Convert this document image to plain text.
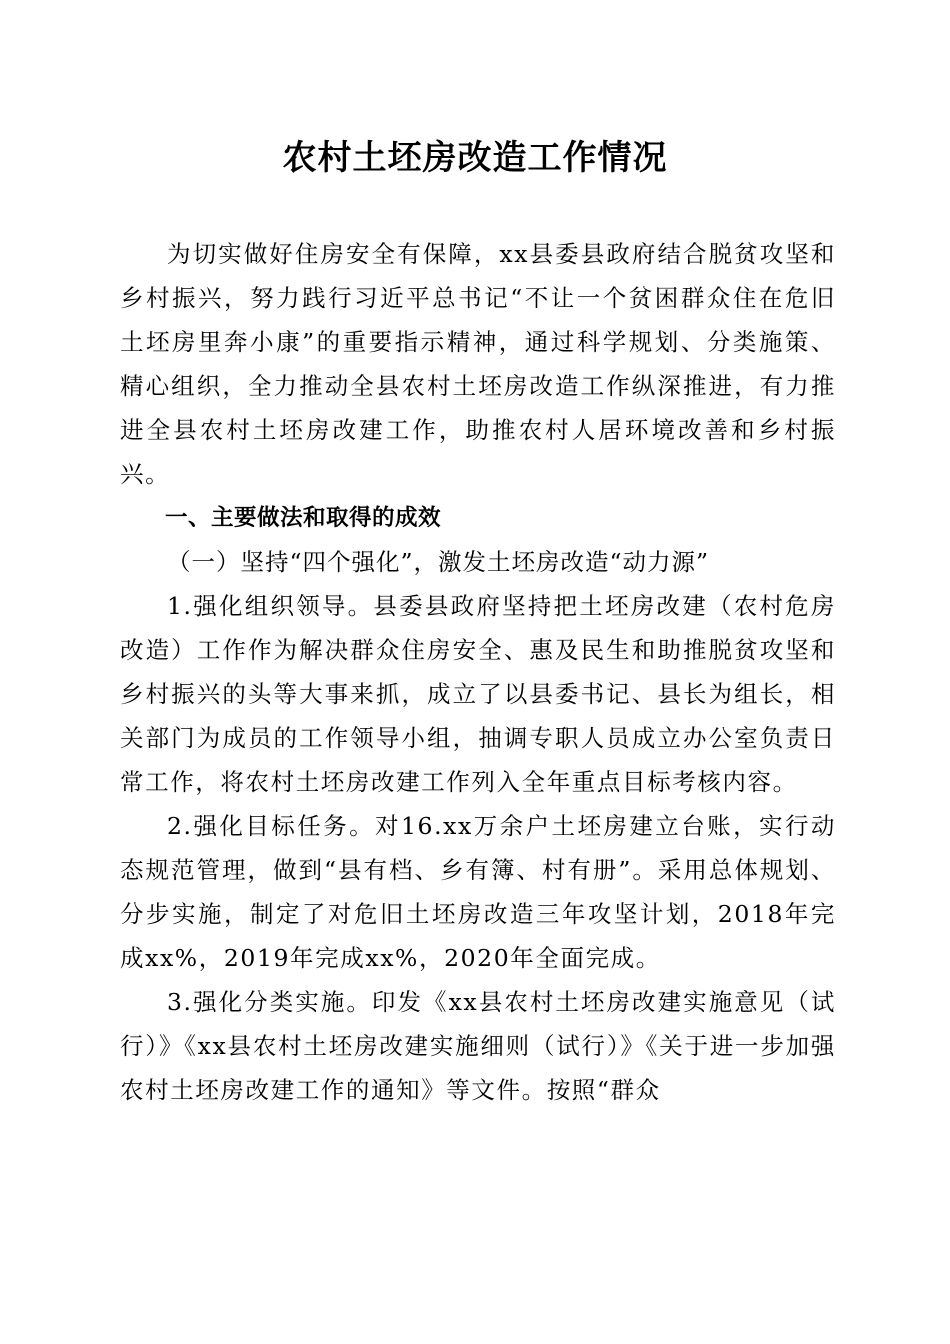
农村土坯房改造工作情况

为切实做好住房安全有保障，xx县委县政府结合脱贫攻坚和乡村振兴，努力践行习近平总书记“不让一个贫困群众住在危旧土坯房里奔小康”的重要指示精神，通过科学规划、分类施策、精心组织，全力推动全县农村土坯房改造工作纵深推进，有力推进全县农村土坯房改建工作，助推农村人居环境改善和乡村振兴。

一、主要做法和取得的成效

（一）坚持“四个强化”，激发土坯房改造“动力源”

1.强化组织领导。县委县政府坚持把土坯房改建（农村危房改造）工作作为解决群众住房安全、惠及民生和助推脱贫攻坚和乡村振兴的头等大事来抓，成立了以县委书记、县长为组长，相关部门为成员的工作领导小组，抽调专职人员成立办公室负责日常工作，将农村土坯房改建工作列入全年重点目标考核内容。

2.强化目标任务。对16.xx万余户土坯房建立台账，实行动态规范管理，做到“县有档、乡有簿、村有册”。采用总体规划、分步实施，制定了对危旧土坯房改造三年攻坚计划，2018年完成xx%，2019年完成xx%，2020年全面完成。

3.强化分类实施。印发《xx县农村土坯房改建实施意见（试行）》《xx县农村土坯房改建实施细则（试行）》《关于进一步加强农村土坯房改建工作的通知》等文件。按照“群众
